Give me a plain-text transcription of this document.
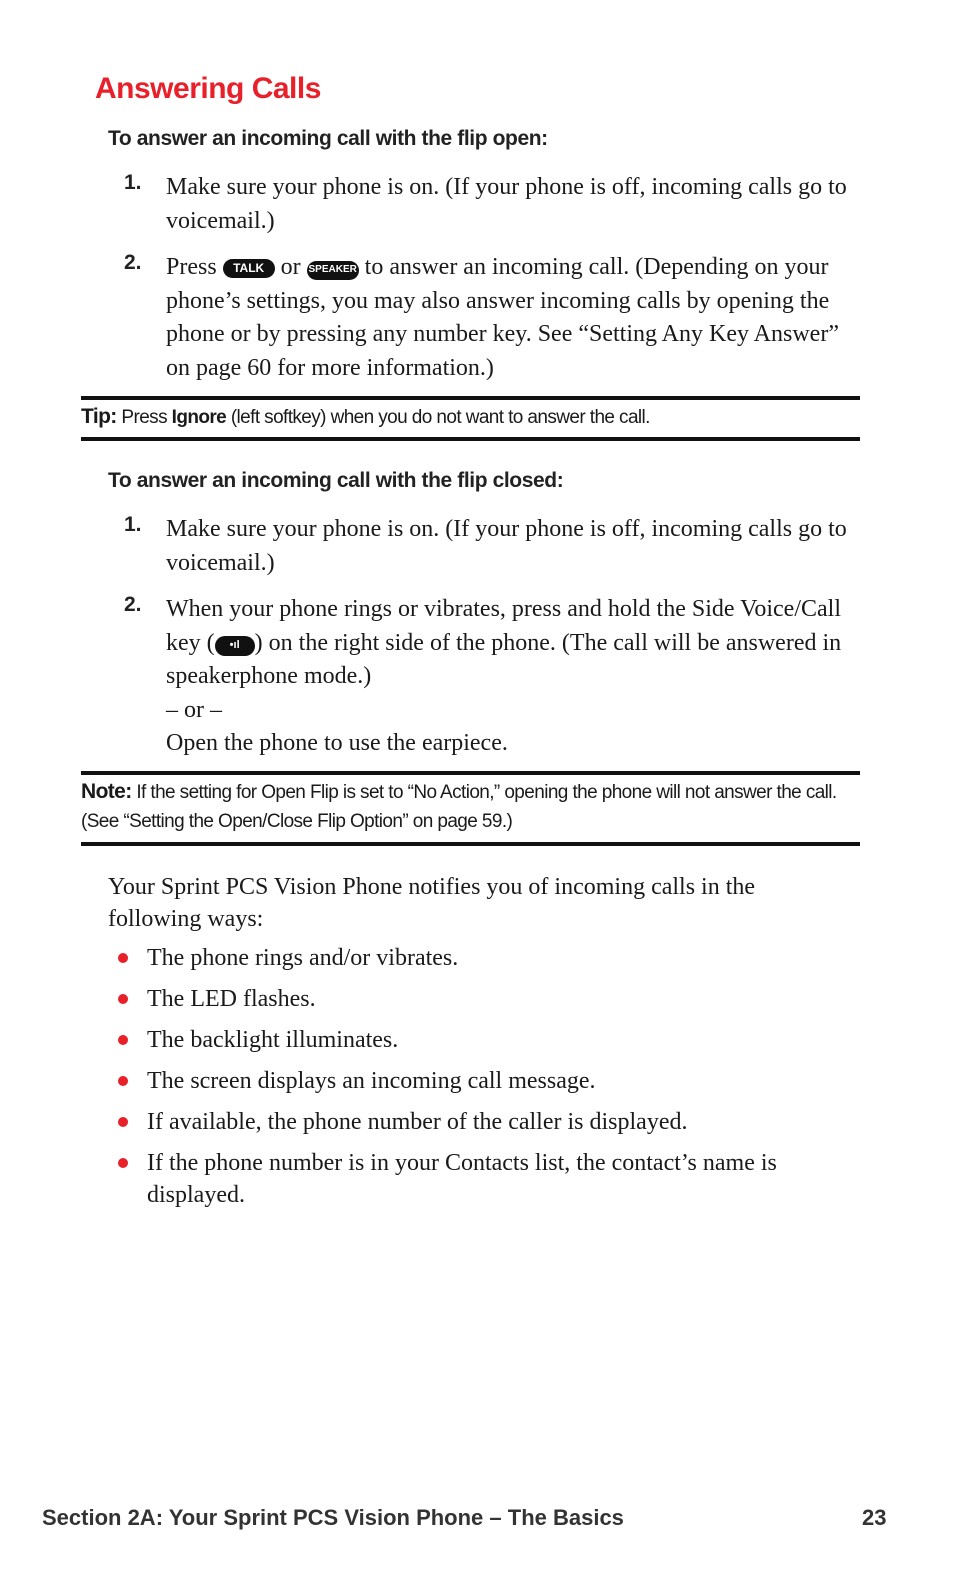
Answering Calls
To answer an incoming call with the flip open:
1. Make sure your phone is on. (If your phone is off, incoming calls go to voicemail.)
2. Press TALK or SPEAKER to answer an incoming call. (Depending on your phone’s settings, you may also answer incoming calls by opening the phone or by pressing any number key. See “Setting Any Key Answer” on page 60 for more information.)
Tip: Press Ignore (left softkey) when you do not want to answer the call.
To answer an incoming call with the flip closed:
1. Make sure your phone is on. (If your phone is off, incoming calls go to voicemail.)
2. When your phone rings or vibrates, press and hold the Side Voice/Call key ( •ıl ) on the right side of the phone. (The call will be answered in speakerphone mode.)
– or –
Open the phone to use the earpiece.
Note: If the setting for Open Flip is set to “No Action,” opening the phone will not answer the call. (See “Setting the Open/Close Flip Option” on page 59.)
Your Sprint PCS Vision Phone notifies you of incoming calls in the following ways:
The phone rings and/or vibrates.
The LED flashes.
The backlight illuminates.
The screen displays an incoming call message.
If available, the phone number of the caller is displayed.
If the phone number is in your Contacts list, the contact’s name is displayed.
Section 2A: Your Sprint PCS Vision Phone – The Basics	23
